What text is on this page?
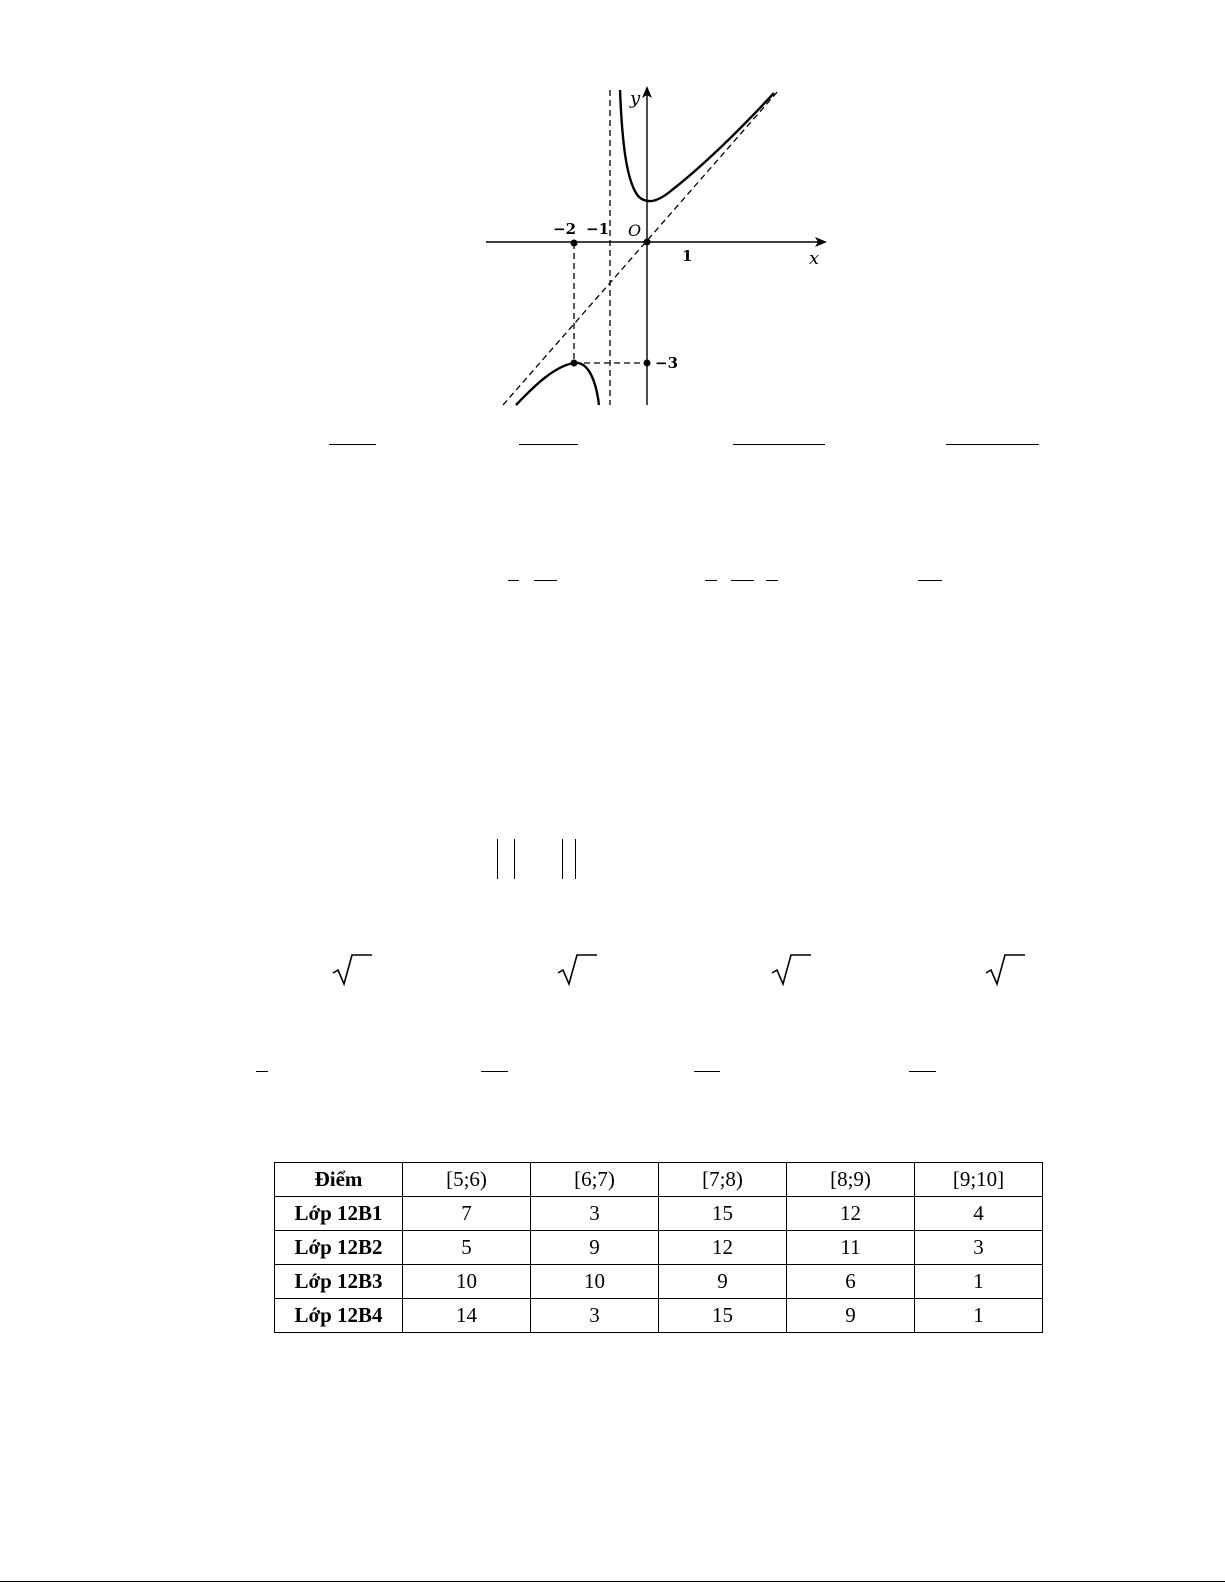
y
x
O
−2 −1
1
−3
Điểm	[5;6)	[6;7)	[7;8)	[8;9)	[9;10]
Lớp 12B1	7	3	15	12	4
Lớp 12B2	5	9	12	11	3
Lớp 12B3	10	10	9	6	1
Lớp 12B4	14	3	15	9	1
